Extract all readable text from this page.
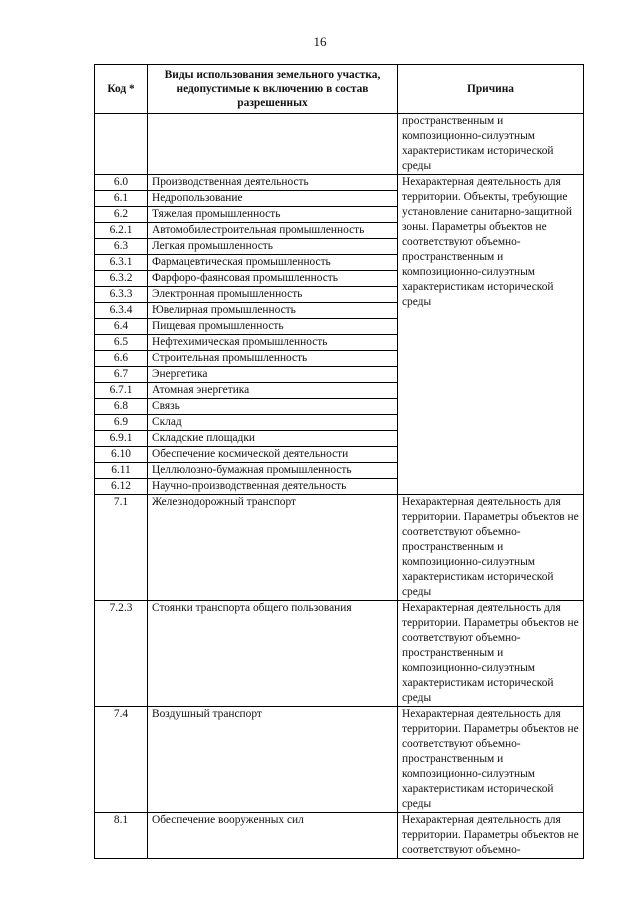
16
Код *	Виды использования земельного участка, недопустимые к включению в состав разрешенных	Причина
		пространственным и композиционно-силуэтным характеристикам исторической среды
6.0	Производственная деятельность	Нехарактерная деятельность для территории. Объекты, требующие установление санитарно-защитной зоны. Параметры объектов не соответствуют объемно-пространственным и композиционно-силуэтным характеристикам исторической среды
6.1	Недропользование	
6.2	Тяжелая промышленность	
6.2.1	Автомобилестроительная промышленность	
6.3	Легкая промышленность	
6.3.1	Фармацевтическая промышленность	
6.3.2	Фарфоро-фаянсовая промышленность	
6.3.3	Электронная промышленность	
6.3.4	Ювелирная промышленность	
6.4	Пищевая промышленность	
6.5	Нефтехимическая промышленность	
6.6	Строительная промышленность	
6.7	Энергетика	
6.7.1	Атомная энергетика	
6.8	Связь	
6.9	Склад	
6.9.1	Складские площадки	
6.10	Обеспечение космической деятельности	
6.11	Целлюлозно-бумажная промышленность	
6.12	Научно-производственная деятельность	
7.1	Железнодорожный транспорт	Нехарактерная деятельность для территории. Параметры объектов не соответствуют объемно-пространственным и композиционно-силуэтным характеристикам исторической среды
7.2.3	Стоянки транспорта общего пользования	Нехарактерная деятельность для территории. Параметры объектов не соответствуют объемно-пространственным и композиционно-силуэтным характеристикам исторической среды
7.4	Воздушный транспорт	Нехарактерная деятельность для территории. Параметры объектов не соответствуют объемно-пространственным и композиционно-силуэтным характеристикам исторической среды
8.1	Обеспечение вооруженных сил	Нехарактерная деятельность для территории. Параметры объектов не соответствуют объемно-
